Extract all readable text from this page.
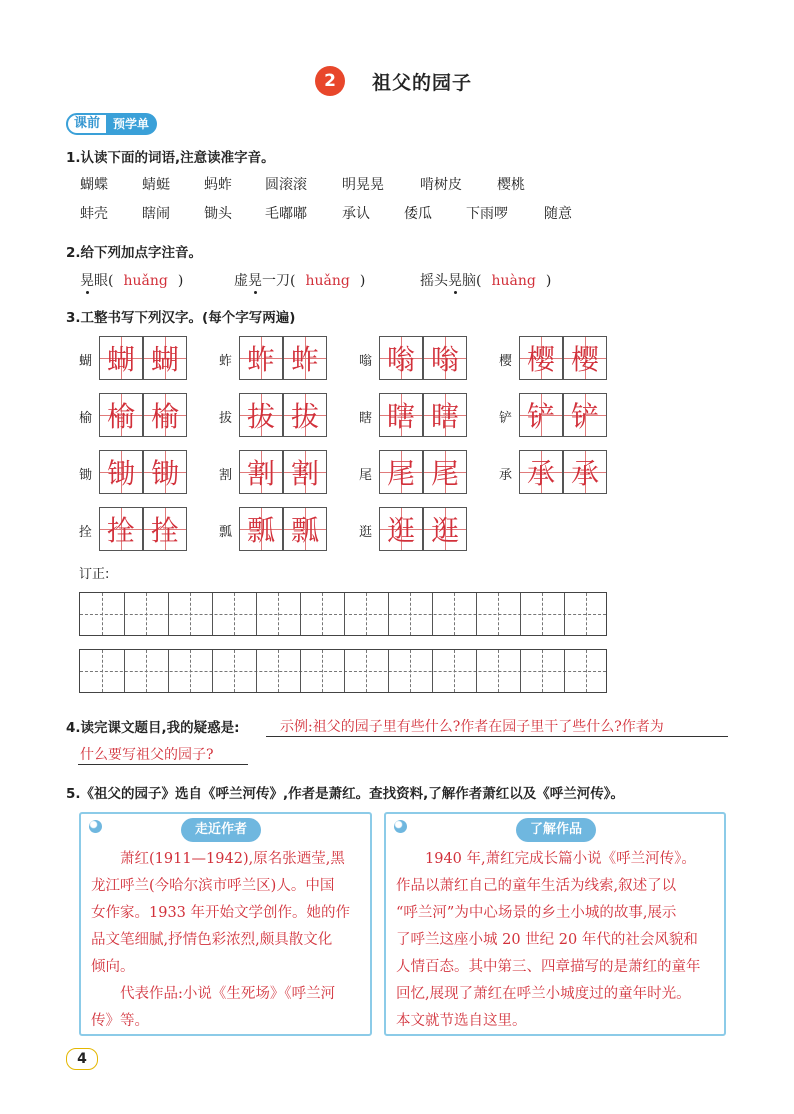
2	祖父的园子
课前	预学单
1.认读下面的词语,注意读准字音。
蝴蝶 蜻蜓 蚂蚱 圆滚滚	明晃晃	啃树皮	樱桃
蚌壳 瞎闹 锄头 毛嘟嘟	承认 倭瓜 下雨啰	随意
2.给下列加点字注音。
晃眼( huǎng )	虚晃一刀( huǎng )	摇头晃脑( huàng )
3.工整书写下列汉字。(每个字写两遍)
蝴 蝴 蝴	蚱 蚱 蚱	嗡 嗡 嗡	樱 樱 樱
榆 榆 榆	拔 拔 拔	瞎 瞎 瞎	铲 铲 铲
锄 锄 锄	割 割 割	尾 尾 尾	承 承 承
拴 拴 拴	瓢 瓢 瓢	逛 逛 逛
订正:
4.读完课文题目,我的疑惑是:	示例:祖父的园子里有些什么?作者在园子里干了些什么?作者为
什么要写祖父的园子?
5.《祖父的园子》选自《呼兰河传》,作者是萧红。查找资料,了解作者萧红以及《呼兰河传》。
走近作者
萧红(1911—1942),原名张迺莹,黑
龙江呼兰(今哈尔滨市呼兰区)人。中国
女作家。1933 年开始文学创作。她的作
品文笔细腻,抒情色彩浓烈,颇具散文化
倾向。
代表作品:小说《生死场》《呼兰河
传》等。
了解作品
1940 年,萧红完成长篇小说《呼兰河传》。
作品以萧红自己的童年生活为线索,叙述了以
“呼兰河”为中心场景的乡土小城的故事,展示
了呼兰这座小城 20 世纪 20 年代的社会风貌和
人情百态。其中第三、四章描写的是萧红的童年
回忆,展现了萧红在呼兰小城度过的童年时光。
本文就节选自这里。
4
